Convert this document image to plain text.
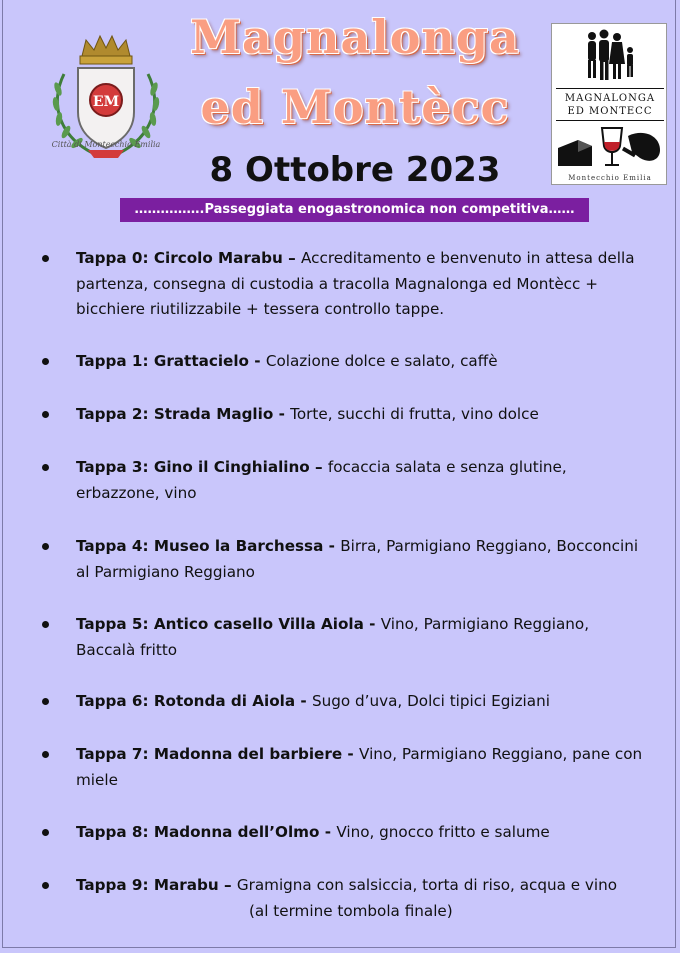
EM
Città di Montecchio Emilia
Magnalonga
ed Montècc
8 Ottobre 2023
MAGNALONGA
ED MONTECC
Montecchio Emilia
…………….Passeggiata enogastronomica non competitiva……
Tappa 0: Circolo Marabu – Accreditamento e benvenuto in attesa della partenza, consegna di custodia a tracolla Magnalonga ed Montècc + bicchiere riutilizzabile + tessera controllo tappe.
Tappa 1: Grattacielo - Colazione dolce e salato, caffè
Tappa 2: Strada Maglio - Torte, succhi di frutta, vino dolce
Tappa 3: Gino il Cinghialino – focaccia salata e senza glutine, erbazzone, vino
Tappa 4: Museo la Barchessa - Birra, Parmigiano Reggiano, Bocconcini al Parmigiano Reggiano
Tappa 5: Antico casello Villa Aiola - Vino, Parmigiano Reggiano, Baccalà fritto
Tappa 6: Rotonda di Aiola - Sugo d’uva, Dolci tipici Egiziani
Tappa 7: Madonna del barbiere - Vino, Parmigiano Reggiano, pane con miele
Tappa 8: Madonna dell’Olmo - Vino, gnocco fritto e salume
Tappa 9: Marabu – Gramigna con salsiccia, torta di riso, acqua e vino
(al termine tombola finale)
